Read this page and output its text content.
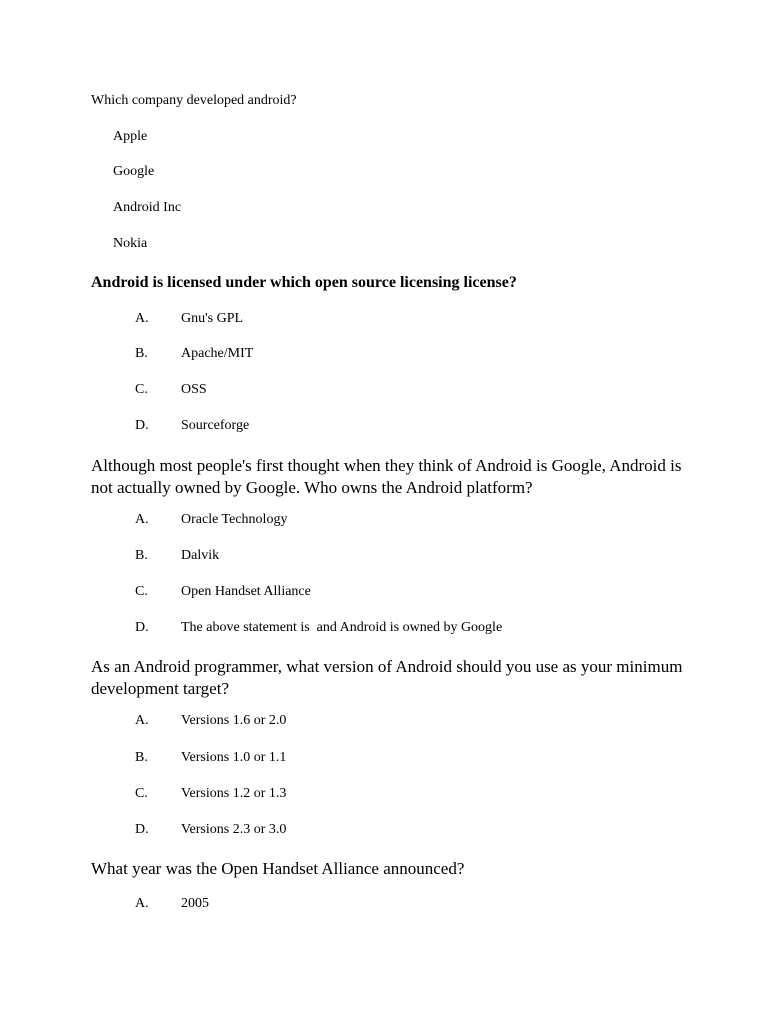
Which company developed android?
Apple
Google
Android Inc
Nokia
Android is licensed under which open source licensing license?
A. Gnu's GPL
B. Apache/MIT
C. OSS
D. Sourceforge
Although most people's first thought when they think of Android is Google, Android is not actually owned by Google. Who owns the Android platform?
A. Oracle Technology
B. Dalvik
C. Open Handset Alliance
D. The above statement is  and Android is owned by Google
As an Android programmer, what version of Android should you use as your minimum development target?
A. Versions 1.6 or 2.0
B. Versions 1.0 or 1.1
C. Versions 1.2 or 1.3
D. Versions 2.3 or 3.0
What year was the Open Handset Alliance announced?
A. 2005
